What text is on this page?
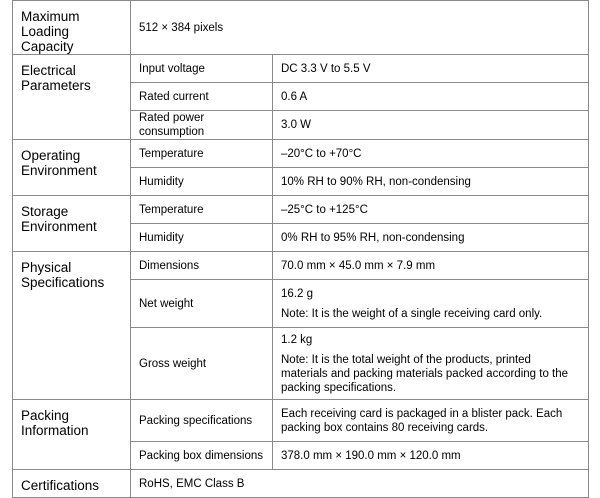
Maximum Loading Capacity	512 × 384 pixels	
Electrical Parameters	Input voltage	DC 3.3 V to 5.5 V
	Rated current	0.6 A
	Rated power consumption	3.0 W
Operating Environment	Temperature	–20°C to +70°C
	Humidity	10% RH to 90% RH, non-condensing
Storage Environment	Temperature	–25°C to +125°C
	Humidity	0% RH to 95% RH, non-condensing
Physical Specifications	Dimensions	70.0 mm × 45.0 mm × 7.9 mm
	Net weight	16.2 g
Note: It is the weight of a single receiving card only.

	Gross weight	1.2 kg
Note: It is the total weight of the products, printed materials and packing materials packed according to the packing specifications.

Packing Information	Packing specifications	Each receiving card is packaged in a blister pack. Each packing box contains 80 receiving cards.
	Packing box dimensions	378.0 mm × 190.0 mm × 120.0 mm
Certifications	RoHS, EMC Class B	
